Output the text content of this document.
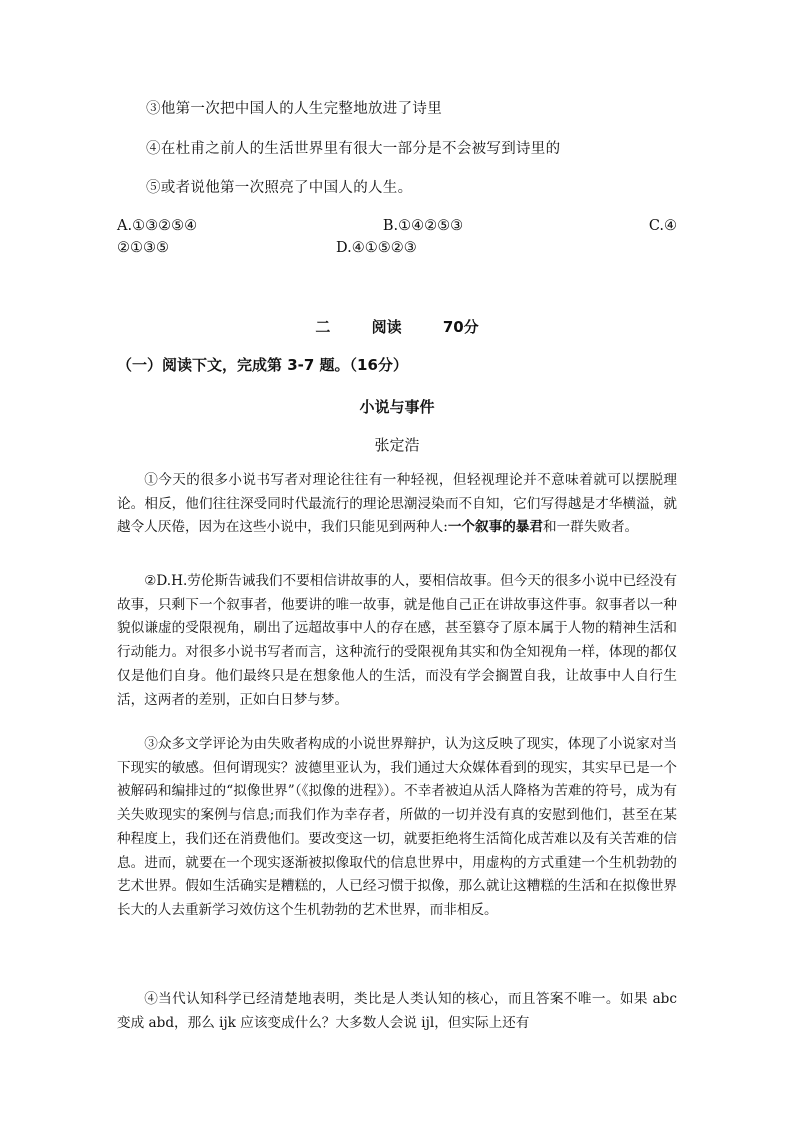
③他第一次把中国人的人生完整地放进了诗里
④在杜甫之前人的生活世界里有很大一部分是不会被写到诗里的
⑤或者说他第一次照亮了中国人的人生。
A.①③②⑤④	B.①④②⑤③	C.④
②①③⑤	D.④①⑤②③
二	阅读	70分
（一）阅读下文，完成第 3-7 题。（16分）
小说与事件
张定浩
①今天的很多小说书写者对理论往往有一种轻视，但轻视理论并不意味着就可以摆脱理论。相反，他们往往深受同时代最流行的理论思潮浸染而不自知，它们写得越是才华横溢，就越令人厌倦，因为在这些小说中，我们只能见到两种人:一个叙事的暴君和一群失败者。
②D.H.劳伦斯告诫我们不要相信讲故事的人，要相信故事。但今天的很多小说中已经没有故事，只剩下一个叙事者，他要讲的唯一故事，就是他自己正在讲故事这件事。叙事者以一种貌似谦虚的受限视角，刷出了远超故事中人的存在感，甚至篡夺了原本属于人物的精神生活和行动能力。对很多小说书写者而言，这种流行的受限视角其实和伪全知视角一样，体现的都仅仅是他们自身。他们最终只是在想象他人的生活，而没有学会搁置自我，让故事中人自行生活，这两者的差别，正如白日梦与梦。
③众多文学评论为由失败者构成的小说世界辩护，认为这反映了现实，体现了小说家对当下现实的敏感。但何谓现实？波德里亚认为，我们通过大众媒体看到的现实，其实早已是一个被解码和编排过的“拟像世界”（《拟像的进程》）。不幸者被迫从活人降格为苦难的符号，成为有关失败现实的案例与信息;而我们作为幸存者，所做的一切并没有真的安慰到他们，甚至在某种程度上，我们还在消费他们。要改变这一切，就要拒绝将生活简化成苦难以及有关苦难的信息。进而，就要在一个现实逐渐被拟像取代的信息世界中，用虚构的方式重建一个生机勃勃的艺术世界。假如生活确实是糟糕的，人已经习惯于拟像，那么就让这糟糕的生活和在拟像世界长大的人去重新学习效仿这个生机勃勃的艺术世界，而非相反。
④当代认知科学已经清楚地表明，类比是人类认知的核心，而且答案不唯一。如果 abc 变成 abd，那么 ijk 应该变成什么？大多数人会说 ijl，但实际上还有
